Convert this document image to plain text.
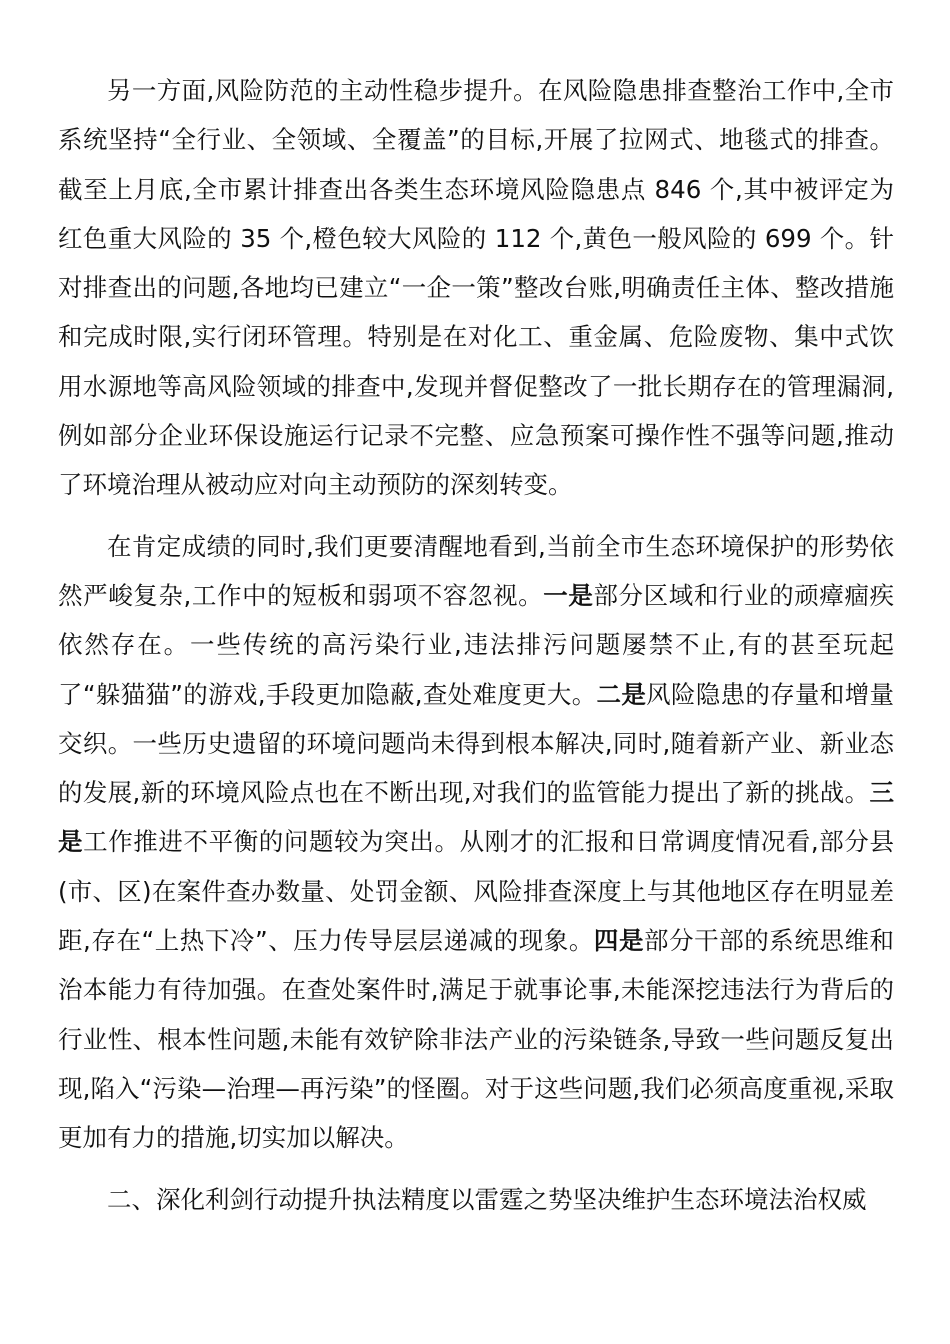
另一方面,风险防范的主动性稳步提升。在风险隐患排查整治工作中,全市系统坚持“全行业、全领域、全覆盖”的目标,开展了拉网式、地毯式的排查。截至上月底,全市累计排查出各类生态环境风险隐患点 846 个,其中被评定为红色重大风险的 35 个,橙色较大风险的 112 个,黄色一般风险的 699 个。针对排查出的问题,各地均已建立“一企一策”整改台账,明确责任主体、整改措施和完成时限,实行闭环管理。特别是在对化工、重金属、危险废物、集中式饮用水源地等高风险领域的排查中,发现并督促整改了一批长期存在的管理漏洞,例如部分企业环保设施运行记录不完整、应急预案可操作性不强等问题,推动了环境治理从被动应对向主动预防的深刻转变。

在肯定成绩的同时,我们更要清醒地看到,当前全市生态环境保护的形势依然严峻复杂,工作中的短板和弱项不容忽视。一是部分区域和行业的顽瘴痼疾依然存在。一些传统的高污染行业,违法排污问题屡禁不止,有的甚至玩起了“躲猫猫”的游戏,手段更加隐蔽,查处难度更大。二是风险隐患的存量和增量交织。一些历史遗留的环境问题尚未得到根本解决,同时,随着新产业、新业态的发展,新的环境风险点也在不断出现,对我们的监管能力提出了新的挑战。三是工作推进不平衡的问题较为突出。从刚才的汇报和日常调度情况看,部分县(市、区)在案件查办数量、处罚金额、风险排查深度上与其他地区存在明显差距,存在“上热下冷”、压力传导层层递减的现象。四是部分干部的系统思维和治本能力有待加强。在查处案件时,满足于就事论事,未能深挖违法行为背后的行业性、根本性问题,未能有效铲除非法产业的污染链条,导致一些问题反复出现,陷入“污染—治理—再污染”的怪圈。对于这些问题,我们必须高度重视,采取更加有力的措施,切实加以解决。

二、深化利剑行动提升执法精度以雷霆之势坚决维护生态环境法治权威
